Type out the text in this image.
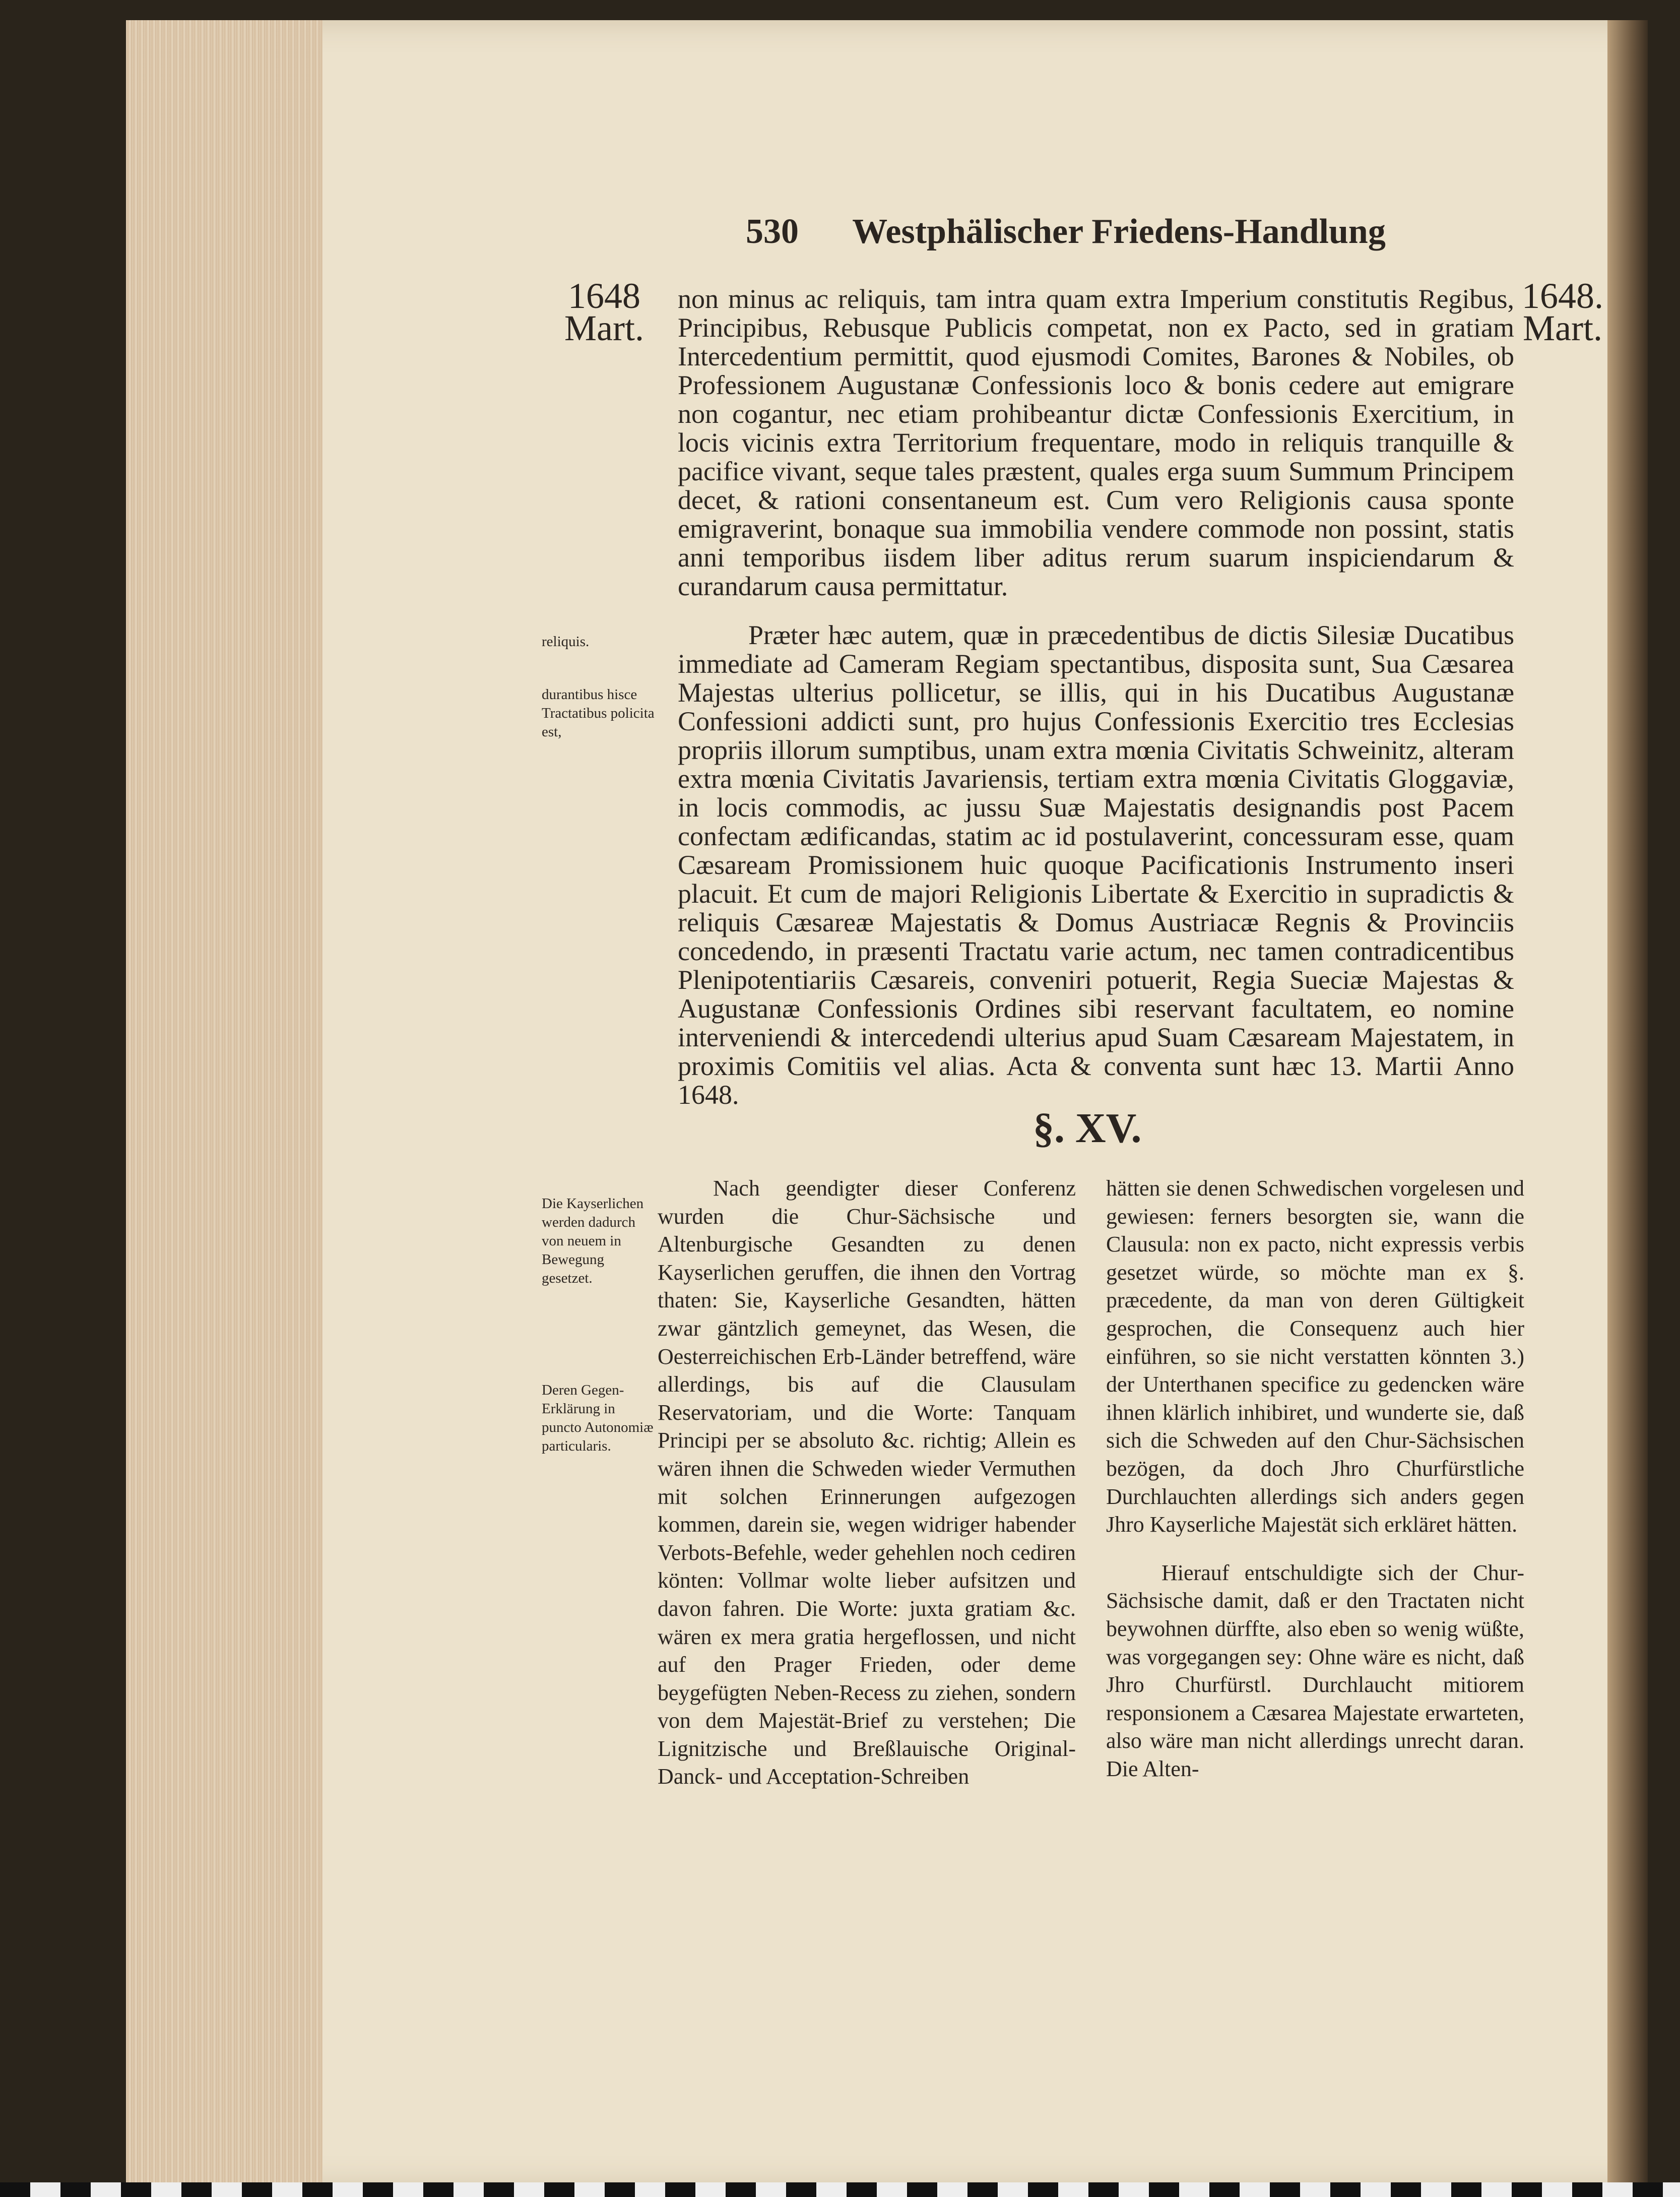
530 Westphälischer Friedens-Handlung
1648
Mart.
1648.
Mart.

non minus ac reliquis, tam intra quam extra Imperium constitutis Regibus, Principibus, Rebusque Publicis competat, non ex Pacto, sed in gratiam Intercedentium permittit, quod ejusmodi Comites, Barones & Nobiles, ob Professionem Augustanæ Confessionis loco & bonis cedere aut emigrare non cogantur, nec etiam prohibeantur dictæ Confessionis Exercitium, in locis vicinis extra Territorium frequentare, modo in reliquis tranquille & pacifice vivant, seque tales præstent, quales erga suum Summum Principem decet, & rationi consentaneum est. Cum vero Religionis causa sponte emigraverint, bonaque sua immobilia vendere commode non possint, statis anni temporibus iisdem liber aditus rerum suarum inspiciendarum & curandarum causa permittatur.

Præter hæc autem, quæ in præcedentibus de dictis Silesiæ Ducatibus immediate ad Cameram Regiam spectantibus, disposita sunt, Sua Cæsarea Majestas ulterius pollicetur, se illis, qui in his Ducatibus Augustanæ Confessioni addicti sunt, pro hujus Confessionis Exercitio tres Ecclesias propriis illorum sumptibus, unam extra mœnia Civitatis Schweinitz, alteram extra mœnia Civitatis Javariensis, tertiam extra mœnia Civitatis Gloggaviæ, in locis commodis, ac jussu Suæ Majestatis designandis post Pacem confectam ædificandas, statim ac id postulaverint, concessuram esse, quam Cæsaream Promissionem huic quoque Pacificationis Instrumento inseri placuit. Et cum de majori Religionis Libertate & Exercitio in supradictis & reliquis Cæsareæ Majestatis & Domus Austriacæ Regnis & Provinciis concedendo, in præsenti Tractatu varie actum, nec tamen contradicentibus Plenipotentiariis Cæsareis, conveniri potuerit, Regia Sueciæ Majestas & Augustanæ Confessionis Ordines sibi reservant facultatem, eo nomine interveniendi & intercedendi ulterius apud Suam Cæsaream Majestatem, in proximis Comitiis vel alias. Acta & conventa sunt hæc 13. Martii Anno 1648.

reliquis.
durantibus hisce Tractatibus policita est,
Die Kayserlichen werden dadurch von neuem in Bewegung gesetzet.
Deren Gegen-Erklärung in puncto Autonomiæ particularis.
§. XV.

Nach geendigter dieser Conferenz wurden die Chur-Sächsische und Altenburgische Gesandten zu denen Kayserlichen geruffen, die ihnen den Vortrag thaten: Sie, Kayserliche Gesandten, hätten zwar gäntzlich gemeynet, das Wesen, die Oesterreichischen Erb-Länder betreffend, wäre allerdings, bis auf die Clausulam Reservatoriam, und die Worte: Tanquam Principi per se absoluto &c. richtig; Allein es wären ihnen die Schweden wieder Vermuthen mit solchen Erinnerungen aufgezogen kommen, darein sie, wegen widriger habender Verbots-Befehle, weder gehehlen noch cediren könten: Vollmar wolte lieber aufsitzen und davon fahren. Die Worte: juxta gratiam &c. wären ex mera gratia hergeflossen, und nicht auf den Prager Frieden, oder deme beygefügten Neben-Recess zu ziehen, sondern von dem Majestät-Brief zu verstehen; Die Lignitzische und Breßlauische Original-Danck- und Acceptation-Schreiben

hätten sie denen Schwedischen vorgelesen und gewiesen: ferners besorgten sie, wann die Clausula: non ex pacto, nicht expressis verbis gesetzet würde, so möchte man ex §. præcedente, da man von deren Gültigkeit gesprochen, die Consequenz auch hier einführen, so sie nicht verstatten könnten 3.) der Unterthanen specifice zu gedencken wäre ihnen klärlich inhibiret, und wunderte sie, daß sich die Schweden auf den Chur-Sächsischen bezögen, da doch Jhro Churfürstliche Durchlauchten allerdings sich anders gegen Jhro Kayserliche Majestät sich erkläret hätten.

Hierauf entschuldigte sich der Chur-Sächsische damit, daß er den Tractaten nicht beywohnen dürffte, also eben so wenig wüßte, was vorgegangen sey: Ohne wäre es nicht, daß Jhro Churfürstl. Durchlaucht mitiorem responsionem a Cæsarea Majestate erwarteten, also wäre man nicht allerdings unrecht daran. Die Alten-
